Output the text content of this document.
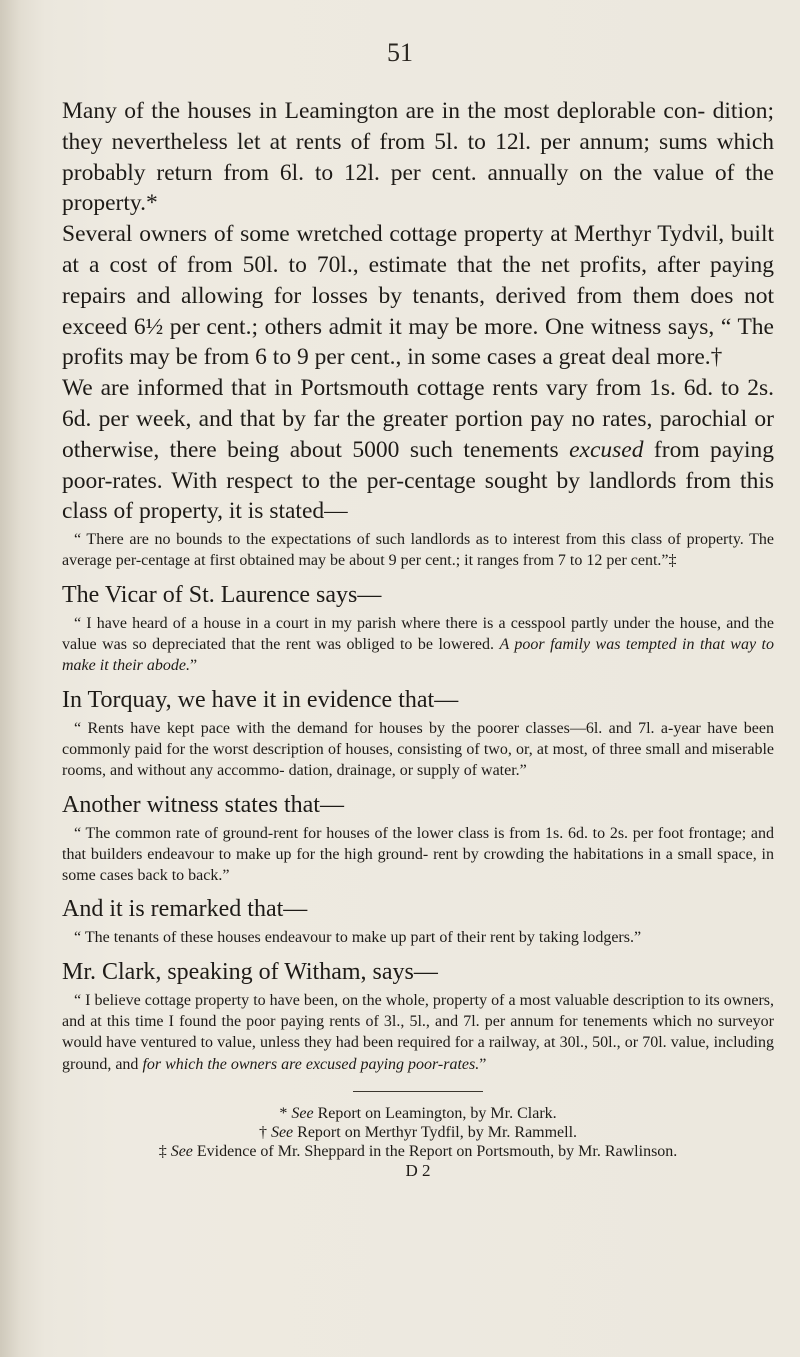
51

Many of the houses in Leamington are in the most deplorable con- dition; they nevertheless let at rents of from 5l. to 12l. per annum; sums which probably return from 6l. to 12l. per cent. annually on the value of the property.*

Several owners of some wretched cottage property at Merthyr Tydvil, built at a cost of from 50l. to 70l., estimate that the net profits, after paying repairs and allowing for losses by tenants, derived from them does not exceed 6½ per cent.; others admit it may be more. One witness says, “ The profits may be from 6 to 9 per cent., in some cases a great deal more.†

We are informed that in Portsmouth cottage rents vary from 1s. 6d. to 2s. 6d. per week, and that by far the greater portion pay no rates, parochial or otherwise, there being about 5000 such tenements excused from paying poor-rates. With respect to the per-centage sought by landlords from this class of property, it is stated—

“ There are no bounds to the expectations of such landlords as to interest from this class of property. The average per-centage at first obtained may be about 9 per cent.; it ranges from 7 to 12 per cent.”‡

The Vicar of St. Laurence says—

“ I have heard of a house in a court in my parish where there is a cesspool partly under the house, and the value was so depreciated that the rent was obliged to be lowered. A poor family was tempted in that way to make it their abode.”

In Torquay, we have it in evidence that—

“ Rents have kept pace with the demand for houses by the poorer classes—6l. and 7l. a-year have been commonly paid for the worst description of houses, consisting of two, or, at most, of three small and miserable rooms, and without any accommo- dation, drainage, or supply of water.”

Another witness states that—

“ The common rate of ground-rent for houses of the lower class is from 1s. 6d. to 2s. per foot frontage; and that builders endeavour to make up for the high ground- rent by crowding the habitations in a small space, in some cases back to back.”

And it is remarked that—

“ The tenants of these houses endeavour to make up part of their rent by taking lodgers.”

Mr. Clark, speaking of Witham, says—

“ I believe cottage property to have been, on the whole, property of a most valuable description to its owners, and at this time I found the poor paying rents of 3l., 5l., and 7l. per annum for tenements which no surveyor would have ventured to value, unless they had been required for a railway, at 30l., 50l., or 70l. value, including ground, and for which the owners are excused paying poor-rates.”

* See Report on Leamington, by Mr. Clark.

† See Report on Merthyr Tydfil, by Mr. Rammell.

‡ See Evidence of Mr. Sheppard in the Report on Portsmouth, by Mr. Rawlinson.

D 2
